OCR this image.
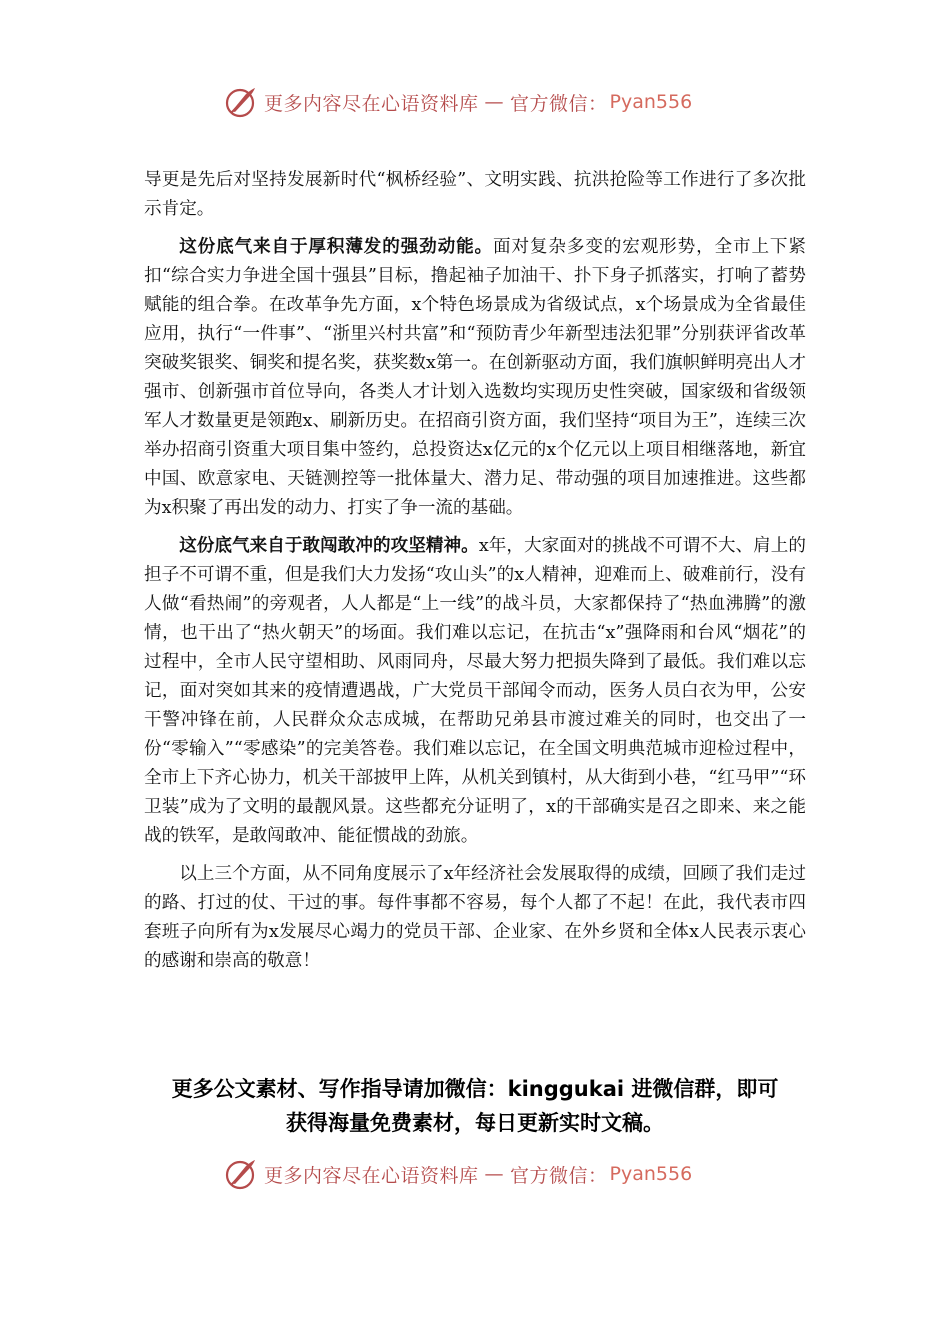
更多内容尽在心语资料库 — 官方微信： Pyan556

导更是先后对坚持发展新时代“枫桥经验”、文明实践、抗洪抢险等工作进行了多次批示肯定。

这份底气来自于厚积薄发的强劲动能。面对复杂多变的宏观形势，全市上下紧扣“综合实力争进全国十强县”目标，撸起袖子加油干、扑下身子抓落实，打响了蓄势赋能的组合拳。在改革争先方面，x个特色场景成为省级试点，x个场景成为全省最佳应用，执行“一件事”、“浙里兴村共富”和“预防青少年新型违法犯罪”分别获评省改革突破奖银奖、铜奖和提名奖，获奖数x第一。在创新驱动方面，我们旗帜鲜明亮出人才强市、创新强市首位导向，各类人才计划入选数均实现历史性突破，国家级和省级领军人才数量更是领跑x、刷新历史。在招商引资方面，我们坚持“项目为王”，连续三次举办招商引资重大项目集中签约，总投资达x亿元的x个亿元以上项目相继落地，新宜中国、欧意家电、天链测控等一批体量大、潜力足、带动强的项目加速推进。这些都为x积聚了再出发的动力、打实了争一流的基础。

这份底气来自于敢闯敢冲的攻坚精神。x年，大家面对的挑战不可谓不大、肩上的担子不可谓不重，但是我们大力发扬“攻山头”的x人精神，迎难而上、破难前行，没有人做“看热闹”的旁观者，人人都是“上一线”的战斗员，大家都保持了“热血沸腾”的激情，也干出了“热火朝天”的场面。我们难以忘记，在抗击“x”强降雨和台风“烟花”的过程中，全市人民守望相助、风雨同舟，尽最大努力把损失降到了最低。我们难以忘记，面对突如其来的疫情遭遇战，广大党员干部闻令而动，医务人员白衣为甲，公安干警冲锋在前，人民群众众志成城，在帮助兄弟县市渡过难关的同时，也交出了一份“零输入”“零感染”的完美答卷。我们难以忘记，在全国文明典范城市迎检过程中，全市上下齐心协力，机关干部披甲上阵，从机关到镇村，从大街到小巷，“红马甲”“环卫装”成为了文明的最靓风景。这些都充分证明了，x的干部确实是召之即来、来之能战的铁军，是敢闯敢冲、能征惯战的劲旅。

以上三个方面，从不同角度展示了x年经济社会发展取得的成绩，回顾了我们走过的路、打过的仗、干过的事。每件事都不容易，每个人都了不起！在此，我代表市四套班子向所有为x发展尽心竭力的党员干部、企业家、在外乡贤和全体x人民表示衷心的感谢和崇高的敬意！

更多公文素材、写作指导请加微信：kinggukai 进微信群，即可
获得海量免费素材，每日更新实时文稿。
更多内容尽在心语资料库 — 官方微信： Pyan556
